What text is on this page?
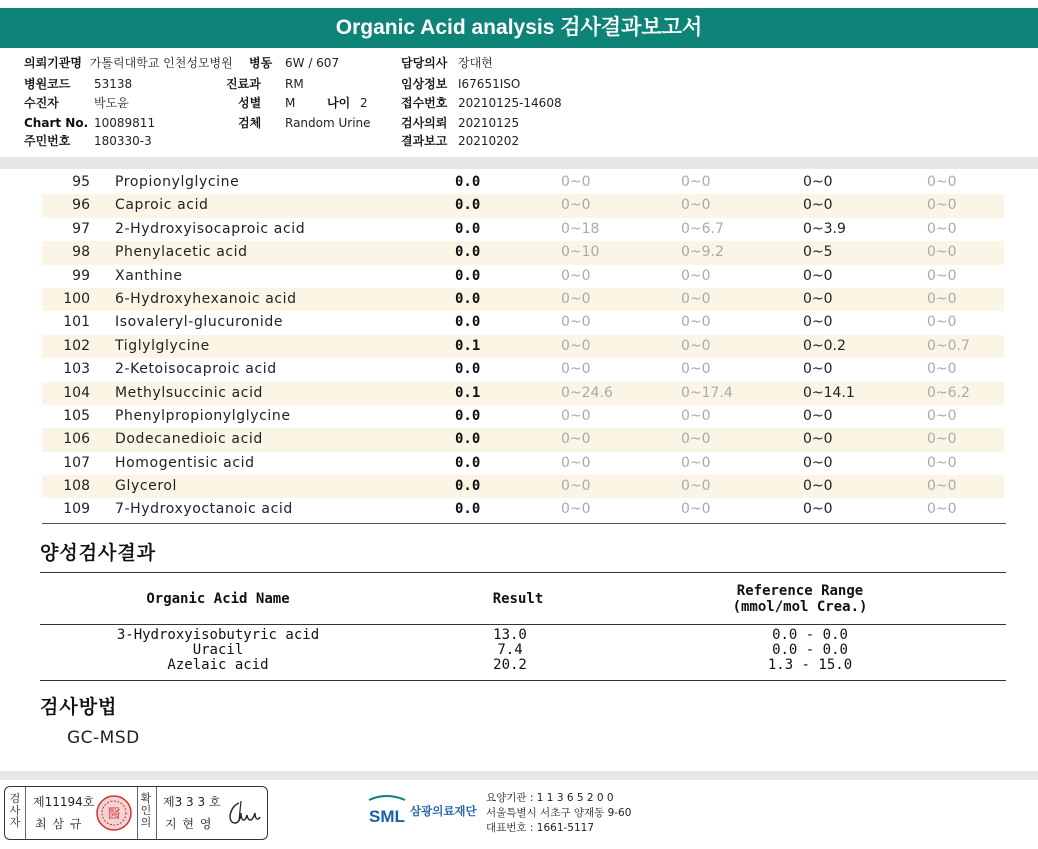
Organic Acid analysis 검사결과보고서
의뢰기관명 가톨릭대학교 인천성모병원
병원코드 53138
수진자	박도윤
Chart No. 10089811
주민번호 180330-3
병동 6W / 607
진료과 RM
성별 M	나이 2
검체 Random Urine
담당의사 장대현
임상정보 I67651ISO
접수번호 20210125-14608
검사의뢰 20210125
결과보고 20210202
95 Propionylglycine	0.0	0~0	0~0	0~0	0~0
96 Caproic acid	0.0	0~0	0~0	0~0	0~0
97 2-Hydroxyisocaproic acid	0.0	0~18	0~6.7	0~3.9	0~0
98 Phenylacetic acid	0.0	0~10	0~9.2	0~5	0~0
99 Xanthine	0.0	0~0	0~0	0~0	0~0
100 6-Hydroxyhexanoic acid	0.0	0~0	0~0	0~0	0~0
101 Isovaleryl-glucuronide	0.0	0~0	0~0	0~0	0~0
102 Tiglylglycine	0.1	0~0	0~0	0~0.2	0~0.7
103 2-Ketoisocaproic acid	0.0	0~0	0~0	0~0	0~0
104 Methylsuccinic acid	0.1	0~24.6	0~17.4	0~14.1	0~6.2
105 Phenylpropionylglycine	0.0	0~0	0~0	0~0	0~0
106 Dodecanedioic acid	0.0	0~0	0~0	0~0	0~0
107 Homogentisic acid	0.0	0~0	0~0	0~0	0~0
108 Glycerol	0.0	0~0	0~0	0~0	0~0
109 7-Hydroxyoctanoic acid	0.0	0~0	0~0	0~0	0~0
양성검사결과
Organic Acid Name	Result	Reference Range
(mmol/mol Crea.)
3-Hydroxyisobutyric acid	13.0	0.0 - 0.0
Uracil	7.4	0.0 - 0.0
Azelaic acid	20.2	1.3 - 15.0
검사방법
GC-MSD
검사자
제11194호
최 삼 규
醫
확인의
제3 3 3 호
지 현 영	SML 삼광의료재단
요양기관 : 1 1 3 6 5 2 0 0
서울특별시 서초구 양재동 9-60
대표번호 : 1661-5117
